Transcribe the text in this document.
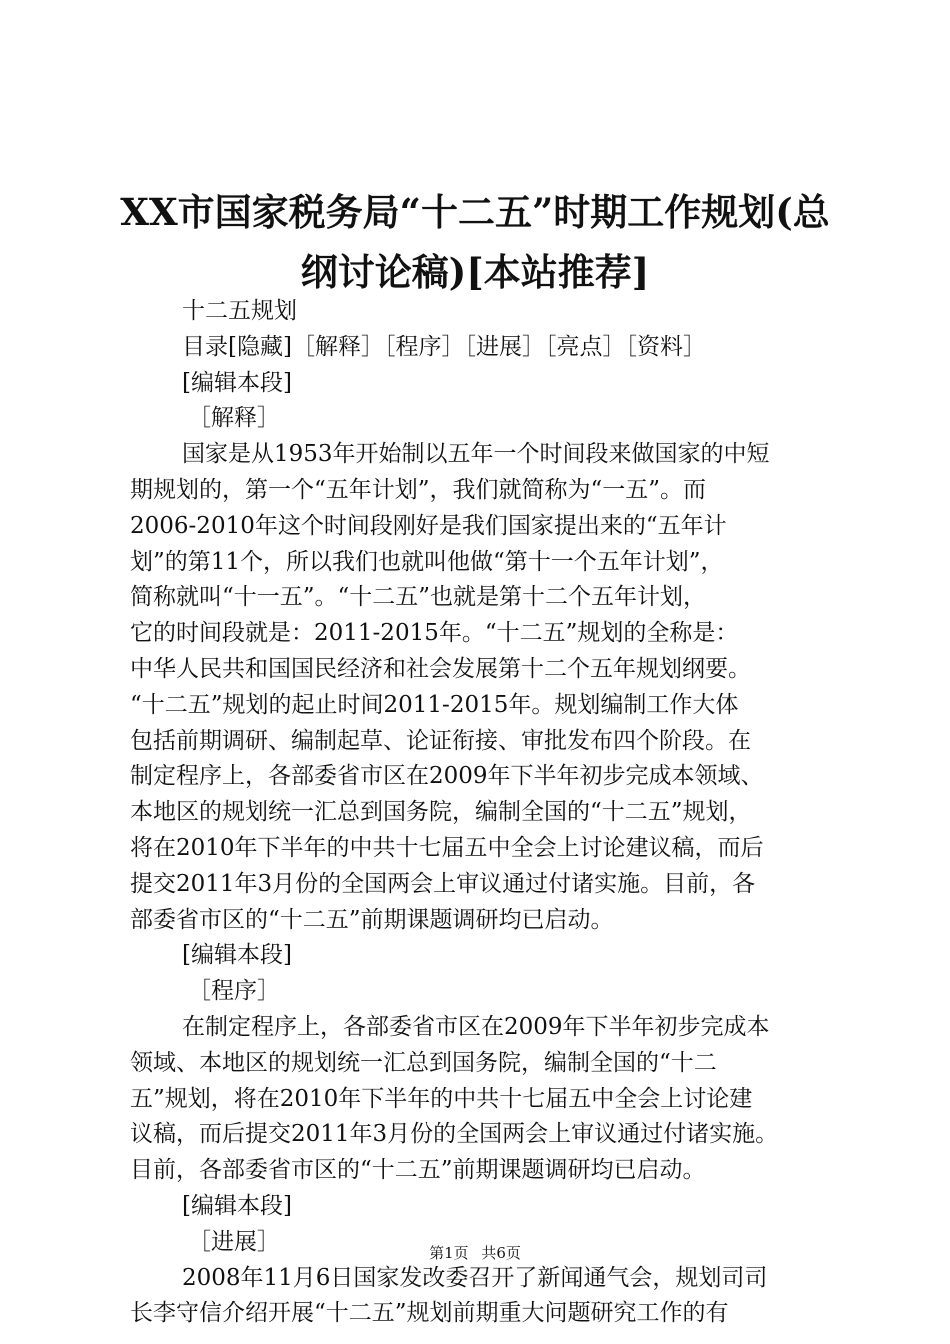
XX市国家税务局“十二五”时期工作规划(总纲讨论稿)[本站推荐]
十二五规划
目录[隐藏]［解释］［程序］［进展］［亮点］［资料］
[编辑本段]
［解释］
国家是从1953年开始制以五年一个时间段来做国家的中短
期规划的，第一个“五年计划”，我们就简称为“一五”。而
2006-2010年这个时间段刚好是我们国家提出来的“五年计
划”的第11个，所以我们也就叫他做“第十一个五年计划”，
简称就叫“十一五”。“十二五”也就是第十二个五年计划，
它的时间段就是：2011-2015年。“十二五”规划的全称是：
中华人民共和国国民经济和社会发展第十二个五年规划纲要。
“十二五”规划的起止时间2011-2015年。规划编制工作大体
包括前期调研、编制起草、论证衔接、审批发布四个阶段。在
制定程序上，各部委省市区在2009年下半年初步完成本领域、
本地区的规划统一汇总到国务院，编制全国的“十二五”规划，
将在2010年下半年的中共十七届五中全会上讨论建议稿，而后
提交2011年3月份的全国两会上审议通过付诸实施。目前，各
部委省市区的“十二五”前期课题调研均已启动。
[编辑本段]
［程序］
在制定程序上，各部委省市区在2009年下半年初步完成本
领域、本地区的规划统一汇总到国务院，编制全国的“十二
五”规划，将在2010年下半年的中共十七届五中全会上讨论建
议稿，而后提交2011年3月份的全国两会上审议通过付诸实施。
目前，各部委省市区的“十二五”前期课题调研均已启动。
[编辑本段]
［进展］
2008年11月6日国家发改委召开了新闻通气会，规划司司
长李守信介绍开展“十二五”规划前期重大问题研究工作的有
第1页 共6页
